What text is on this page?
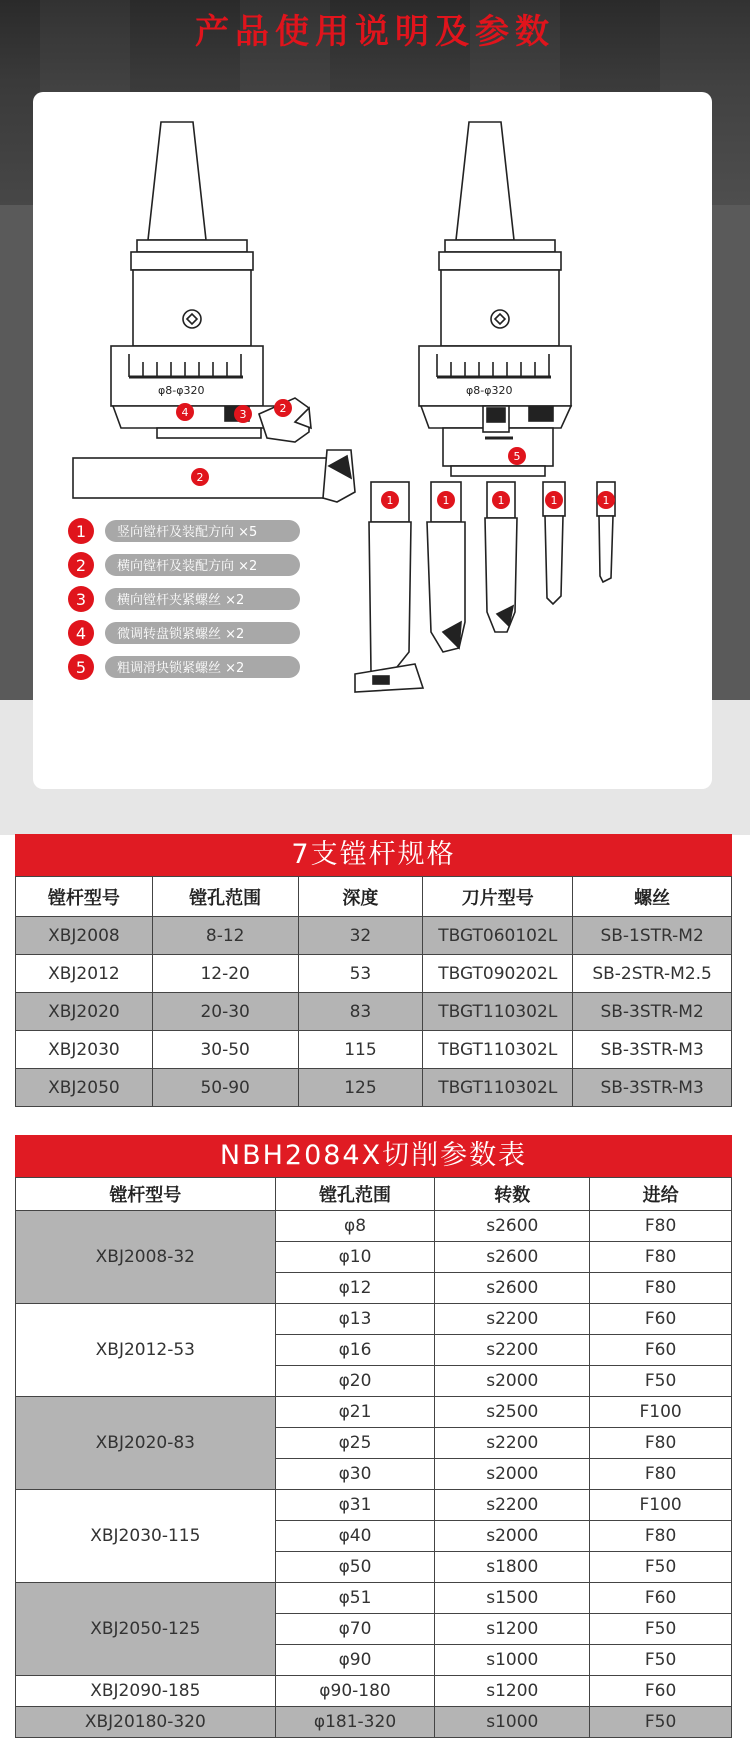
产品使用说明及参数
φ8-φ320	φ8-φ320
4	3	2
2
5
1	1	1	1	1
1 竖向镗杆及装配方向 ×5
2 横向镗杆及装配方向 ×2
3 横向镗杆夹紧螺丝 ×2
4 微调转盘锁紧螺丝 ×2
5 粗调滑块锁紧螺丝 ×2
7支镗杆规格
镗杆型号	镗孔范围	深度	刀片型号	螺丝
XBJ2008	8-12	32	TBGT060102L	SB-1STR-M2
XBJ2012	12-20	53	TBGT090202L	SB-2STR-M2.5
XBJ2020	20-30	83	TBGT110302L	SB-3STR-M2
XBJ2030	30-50	115	TBGT110302L	SB-3STR-M3
XBJ2050	50-90	125	TBGT110302L	SB-3STR-M3
NBH2084X切削参数表
镗杆型号	镗孔范围	转数	进给
XBJ2008-32	φ8	s2600	F80
	φ10	s2600	F80
	φ12	s2600	F80
XBJ2012-53	φ13	s2200	F60
	φ16	s2200	F60
	φ20	s2000	F50
XBJ2020-83	φ21	s2500	F100
	φ25	s2200	F80
	φ30	s2000	F80
XBJ2030-115	φ31	s2200	F100
	φ40	s2000	F80
	φ50	s1800	F50
XBJ2050-125	φ51	s1500	F60
	φ70	s1200	F50
	φ90	s1000	F50
XBJ2090-185	φ90-180	s1200	F60
XBJ20180-320	φ181-320	s1000	F50
